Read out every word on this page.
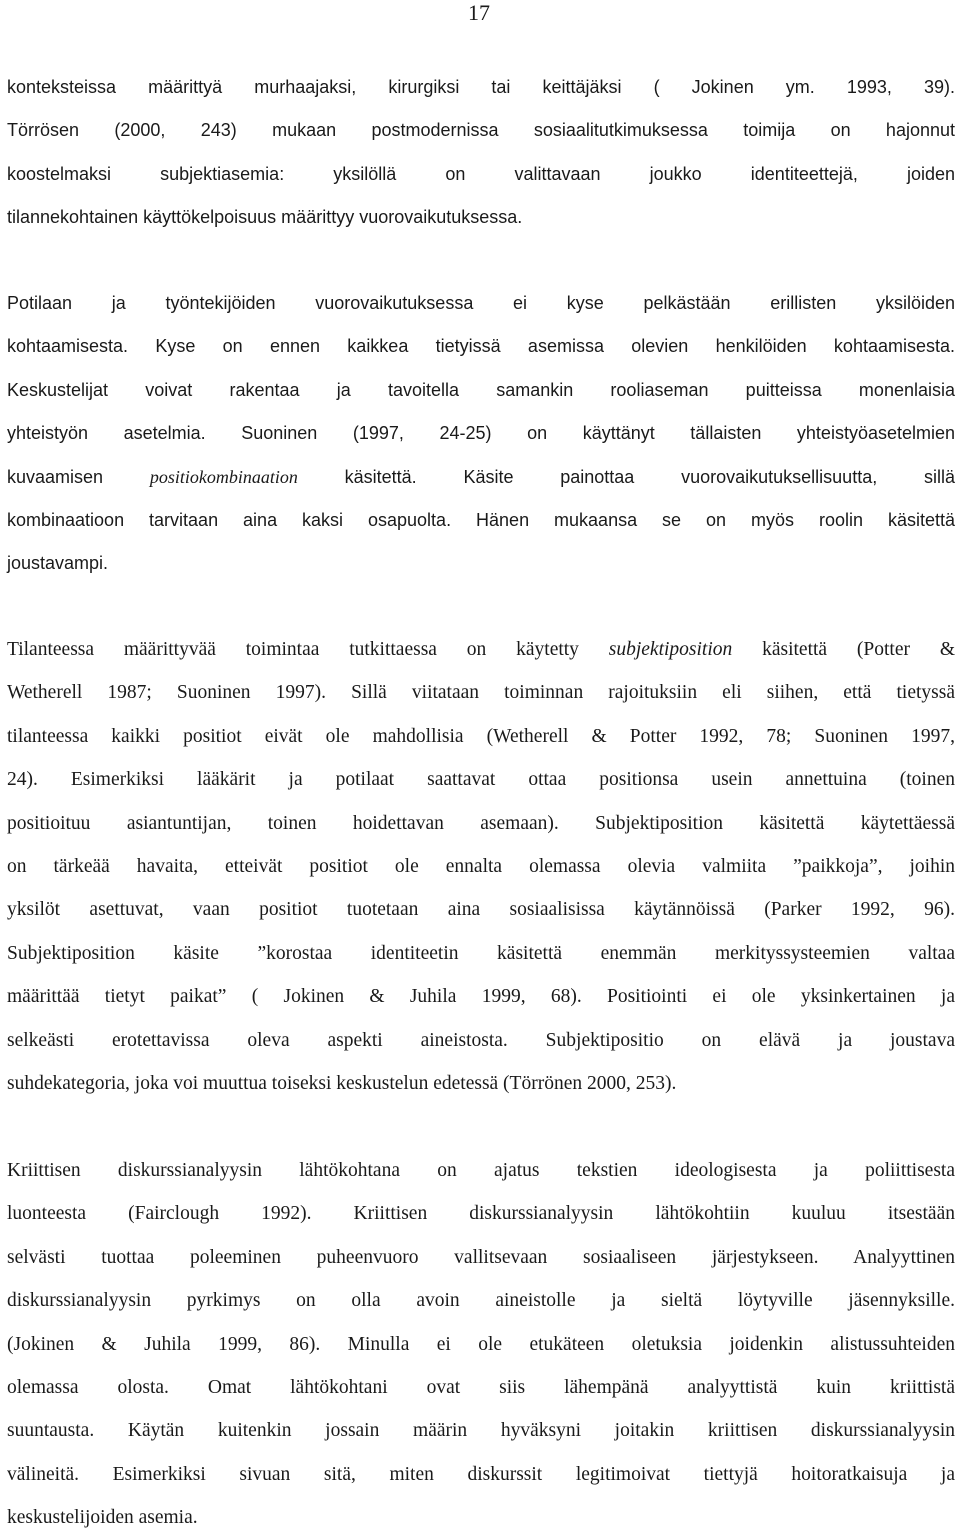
17
kontekstеissa määrittyä murhaajaksi, kirurgiksi tai keittäjäksi ( Jokinen ym. 1993, 39).
Törrösen (2000, 243) mukaan postmodernissa sosiaalitutkimuksessa toimija on hajonnut
koostelmaksi subjektiasemia: yksilöllä on valittavaan joukko identiteettejä, joiden
tilannekohtainen käyttökelpoisuus määrittyy vuorovaikutuksessa.
Potilaan ja työntekijöiden vuorovaikutuksessa ei kyse pelkästään erillisten yksilöiden
kohtaamisesta. Kyse on ennen kaikkea tietyissä asemissa olevien henkilöiden kohtaamisesta.
Keskustelijat voivat rakentaa ja tavoitella samankin rooliaseman puitteissa monenlaisia
yhteistyön asetelmia. Suoninen (1997, 24-25) on käyttänyt tällaisten yhteistyöasetelmien
kuvaamisen positiokombinaation käsitettä. Käsite painottaa vuorovaikutuksellisuutta, sillä
kombinaatioon tarvitaan aina kaksi osapuolta. Hänen mukaansa se on myös roolin käsitettä
joustavampi.
Tilanteessa määrittyvää toimintaa tutkittaessa on käytetty subjektiposition käsitettä (Potter &
Wetherell 1987; Suoninen 1997). Sillä viitataan toiminnan rajoituksiin eli siihen, että tietyssä
tilanteessa kaikki positiot eivät ole mahdollisia (Wetherell & Potter 1992, 78; Suoninen 1997,
24). Esimerkiksi lääkärit ja potilaat saattavat ottaa positionsa usein annettuina (toinen
positioituu asiantuntijan, toinen hoidettavan asemaan). Subjektiposition käsitettä käytettäessä
on tärkeää havaita, etteivät positiot ole ennalta olemassa olevia valmiita ”paikkoja”, joihin
yksilöt asettuvat, vaan positiot tuotetaan aina sosiaalisissa käytännöissä (Parker 1992, 96).
Subjektiposition käsite ”korostaa identiteetin käsitettä enemmän merkityssysteemien valtaa
määrittää tietyt paikat” ( Jokinen & Juhila 1999, 68). Positiointi ei ole yksinkertainen ja
selkeästi erotettavissa oleva aspekti aineistosta. Subjektipositio on elävä ja joustava
suhdekategoria, joka voi muuttua toiseksi keskustelun edetessä (Törrönen 2000, 253).
Kriittisen diskurssianalyysin lähtökohtana on ajatus tekstien ideologisesta ja poliittisesta
luonteesta (Fairclough 1992). Kriittisen diskurssianalyysin lähtökohtiin kuuluu itsestään
selvästi tuottaa poleeminen puheenvuoro vallitsevaan sosiaaliseen järjestykseen. Analyyttinen
diskurssianalyysin pyrkimys on olla avoin aineistolle ja sieltä löytyville jäsennyksille.
(Jokinen & Juhila 1999, 86). Minulla ei ole etukäteen oletuksia joidenkin alistussuhteiden
olemassa olosta. Omat lähtökohtani ovat siis lähempänä analyyttistä kuin kriittistä
suuntausta. Käytän kuitenkin jossain määrin hyväksyni joitakin kriittisen diskurssianalyysin
välineitä. Esimerkiksi sivuan sitä, miten diskurssit legitimoivat tiettyjä hoitoratkaisuja ja
keskustelijoiden asemia.
